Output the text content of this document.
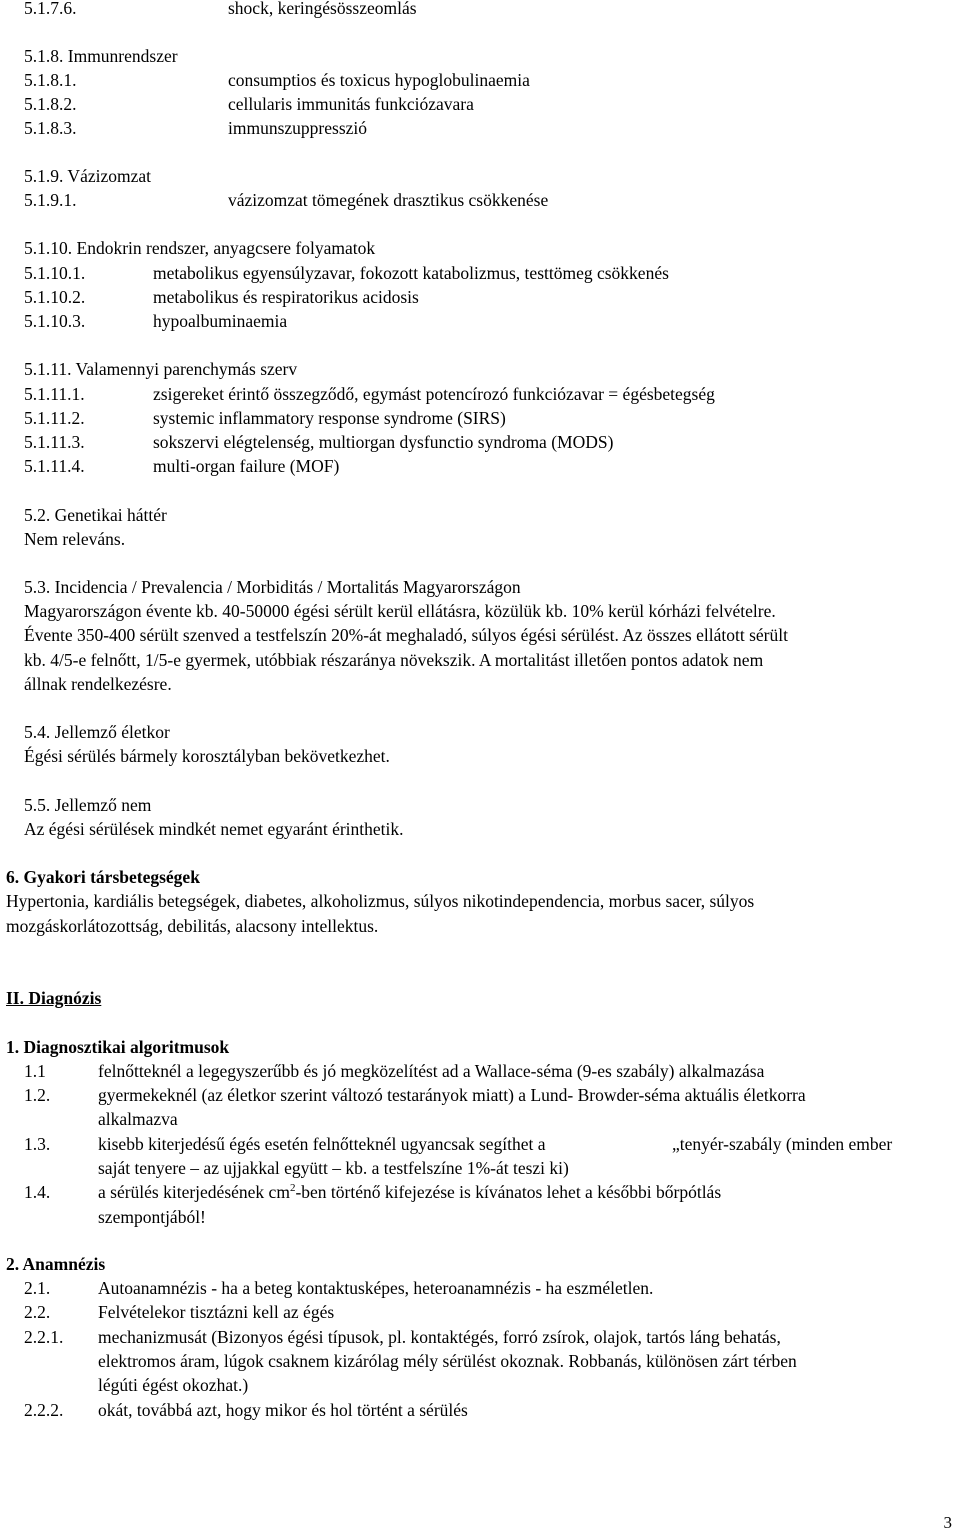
5.1.7.6.	shock, keringésösszeomlás
5.1.8. Immunrendszer
5.1.8.1.	consumptios és toxicus hypoglobulinaemia
5.1.8.2.	cellularis immunitás funkciózavara
5.1.8.3.	immunszuppresszió
5.1.9. Vázizomzat
5.1.9.1.	vázizomzat tömegének drasztikus csökkenése
5.1.10. Endokrin rendszer, anyagcsere folyamatok
5.1.10.1.	metabolikus egyensúlyzavar, fokozott katabolizmus, testtömeg csökkenés
5.1.10.2.	metabolikus és respiratorikus acidosis
5.1.10.3.	hypoalbuminaemia
5.1.11. Valamennyi parenchymás szerv
5.1.11.1.	zsigereket érintő összegződő, egymást potencírozó funkciózavar = égésbetegség
5.1.11.2.	systemic inflammatory response syndrome (SIRS)
5.1.11.3.	sokszervi elégtelenség, multiorgan dysfunctio syndroma (MODS)
5.1.11.4.	multi-organ failure (MOF)
5.2. Genetikai háttér
Nem releváns.
5.3. Incidencia / Prevalencia / Morbiditás / Mortalitás Magyarországon
Magyarországon évente kb. 40-50000 égési sérült kerül ellátásra, közülük kb. 10% kerül kórházi felvételre.
Évente 350-400 sérült szenved a testfelszín 20%-át meghaladó, súlyos égési sérülést. Az összes ellátott sérült
kb. 4/5-e felnőtt, 1/5-e gyermek, utóbbiak részaránya növekszik. A mortalitást illetően pontos adatok nem
állnak rendelkezésre.
5.4. Jellemző életkor
Égési sérülés bármely korosztályban bekövetkezhet.
5.5. Jellemző nem
Az égési sérülések mindkét nemet egyaránt érinthetik.
6. Gyakori társbetegségek
Hypertonia, kardiális betegségek, diabetes, alkoholizmus, súlyos nikotindependencia, morbus sacer, súlyos
mozgáskorlátozottság, debilitás, alacsony intellektus.
II. Diagnózis
1. Diagnosztikai algoritmusok
1.1	felnőtteknél a legegyszerűbb és jó megközelítést ad a Wallace-séma (9-es szabály) alkalmazása
1.2.	gyermekeknél (az életkor szerint változó testarányok miatt) a Lund- Browder-séma aktuális életkorra
alkalmazva
1.3.	kisebb kiterjedésű égés esetén felnőtteknél ugyancsak segíthet a	„tenyér-szabály (minden ember
saját tenyere – az ujjakkal együtt – kb. a testfelszíne 1%-át teszi ki)
1.4.	a sérülés kiterjedésének $cm^2$-ben történő kifejezése is kívánatos lehet a későbbi bőrpótlás
szempontjából!
2. Anamnézis
2.1.	Autoanamnézis - ha a beteg kontaktusképes, heteroanamnézis - ha eszméletlen.
2.2.	Felvételekor tisztázni kell az égés
2.2.1. mechanizmusát (Bizonyos égési típusok, pl. kontaktégés, forró zsírok, olajok, tartós láng behatás,
elektromos áram, lúgok csaknem kizárólag mély sérülést okoznak. Robbanás, különösen zárt térben
légúti égést okozhat.)
2.2.2. okát, továbbá azt, hogy mikor és hol történt a sérülés
3
